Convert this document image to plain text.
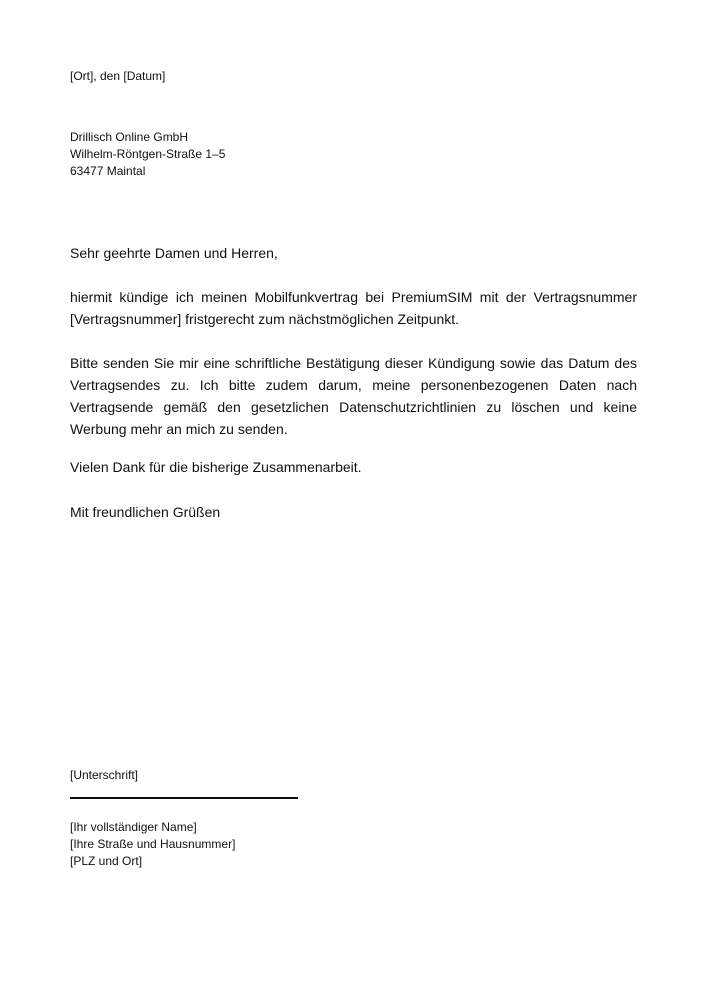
[Ort], den [Datum]

Drillisch Online GmbH
Wilhelm-Röntgen-Straße 1–5
63477 Maintal

Sehr geehrte Damen und Herren,

hiermit kündige ich meinen Mobilfunkvertrag bei PremiumSIM mit der Vertragsnummer [Vertragsnummer] fristgerecht zum nächstmöglichen Zeitpunkt.

Bitte senden Sie mir eine schriftliche Bestätigung dieser Kündigung sowie das Datum des Vertragsendes zu. Ich bitte zudem darum, meine personenbezogenen Daten nach Vertragsende gemäß den gesetzlichen Datenschutzrichtlinien zu löschen und keine Werbung mehr an mich zu senden.

Vielen Dank für die bisherige Zusammenarbeit.

Mit freundlichen Grüßen

[Unterschrift]

[Ihr vollständiger Name]
[Ihre Straße und Hausnummer]
[PLZ und Ort]
